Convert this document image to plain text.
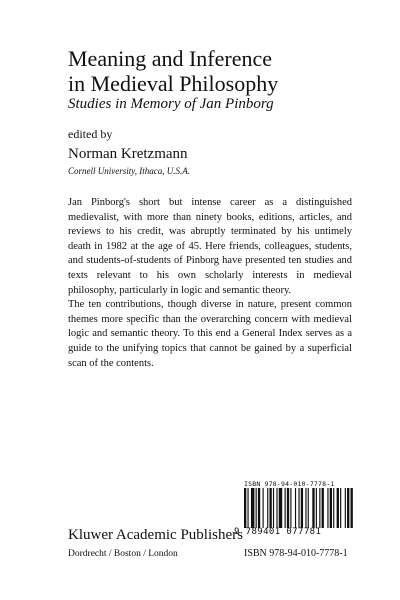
Meaning and Inference
in Medieval Philosophy

Studies in Memory of Jan Pinborg

edited by

Norman Kretzmann

Cornell University, Ithaca, U.S.A.

Jan Pinborg's short but intense career as a distinguished medievalist, with more than ninety books, editions, articles, and reviews to his credit, was abruptly terminated by his untimely death in 1982 at the age of 45. Here friends, colleagues, students, and students-of-students of Pinborg have presented ten studies and texts relevant to his own scholarly interests in medieval philosophy, particularly in logic and semantic theory.

The ten contributions, though diverse in nature, present common themes more specific than the overarching concern with medieval logic and semantic theory. To this end a General Index serves as a guide to the unifying topics that cannot be gained by a superficial scan of the contents.

ISBN 978-94-010-7778-1

9 789401 077781

Kluwer Academic Publishers

Dordrecht / Boston / London	ISBN 978-94-010-7778-1
